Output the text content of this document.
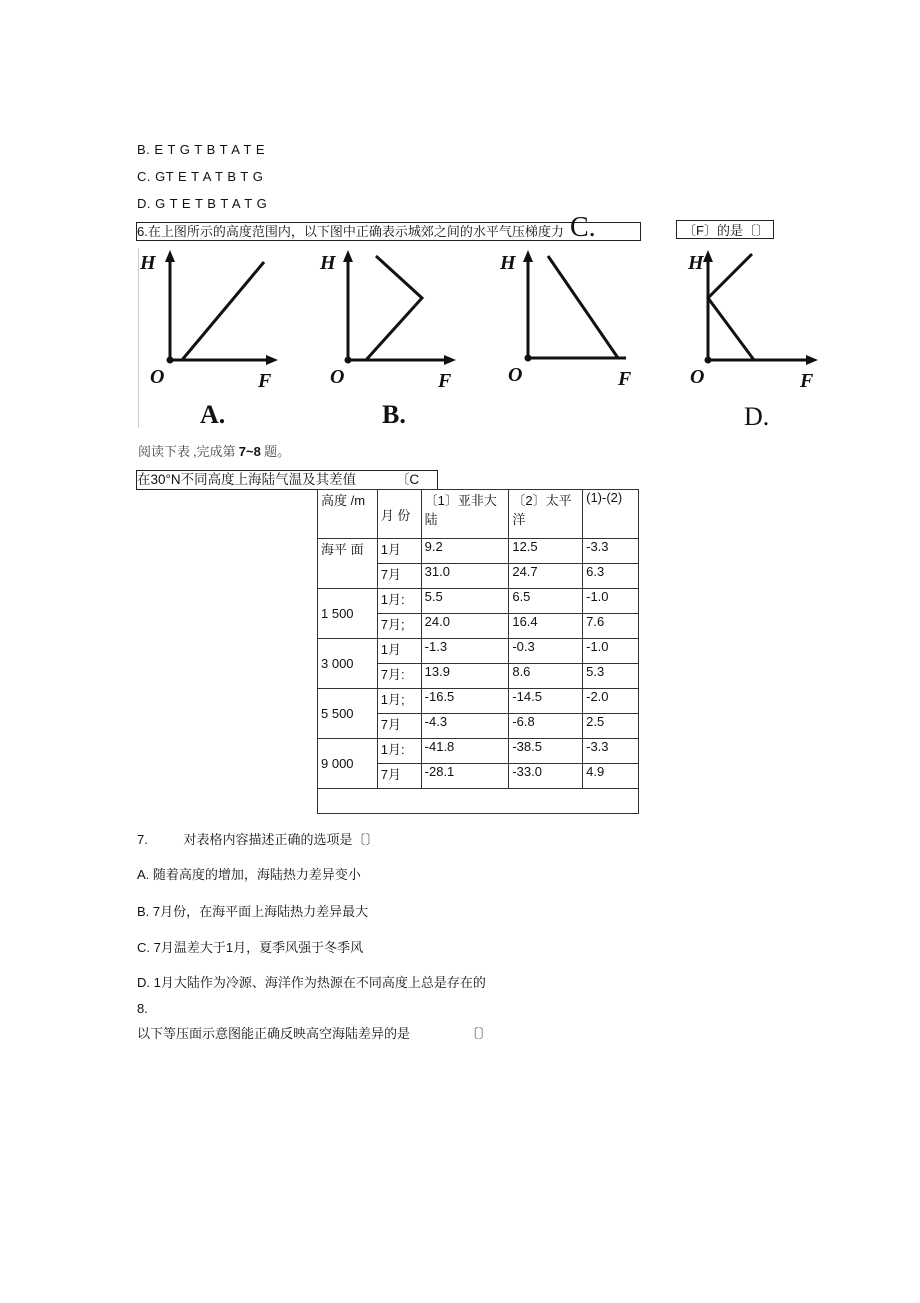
B. E T G T B T A T E
C. GT E T A T B T G
D. G T E T B T A T G
6.在上图所示的高度范围内，以下图中正确表示城郊之间的水平气压梯度力	〔F〕的是〔〕
C.
H
F
O
A.
H
F
O
B.
H
F
O
H
F
O
D.
阅读下表 ,完成第 7~8 题。
在30°N不同高度上海陆气温及其差值	〔C
高度 /m	月 份	〔1〕亚非大陆	〔2〕太平洋	(1)-(2)
海平 面	1月	9.2	12.5	-3.3
	7月	31.0	24.7	6.3
1 500	1月:	5.5	6.5	-1.0
	7月;	24.0	16.4	7.6
3 000	1月	-1.3	-0.3	-1.0
	7月:	13.9	8.6	5.3
5 500	1月;	-16.5	-14.5	-2.0
	7月	-4.3	-6.8	2.5
9 000	1月:	-41.8	-38.5	-3.3
	7月	-28.1	-33.0	4.9

7.	对表格内容描述正确的选项是〔〕
A. 随着高度的增加，海陆热力差异变小
B. 7月份，在海平面上海陆热力差异最大
C. 7月温差大于1月，夏季风强于冬季风
D. 1月大陆作为冷源、海洋作为热源在不同高度上总是存在的
8.
以下等压面示意图能正确反映高空海陆差异的是	〔〕
